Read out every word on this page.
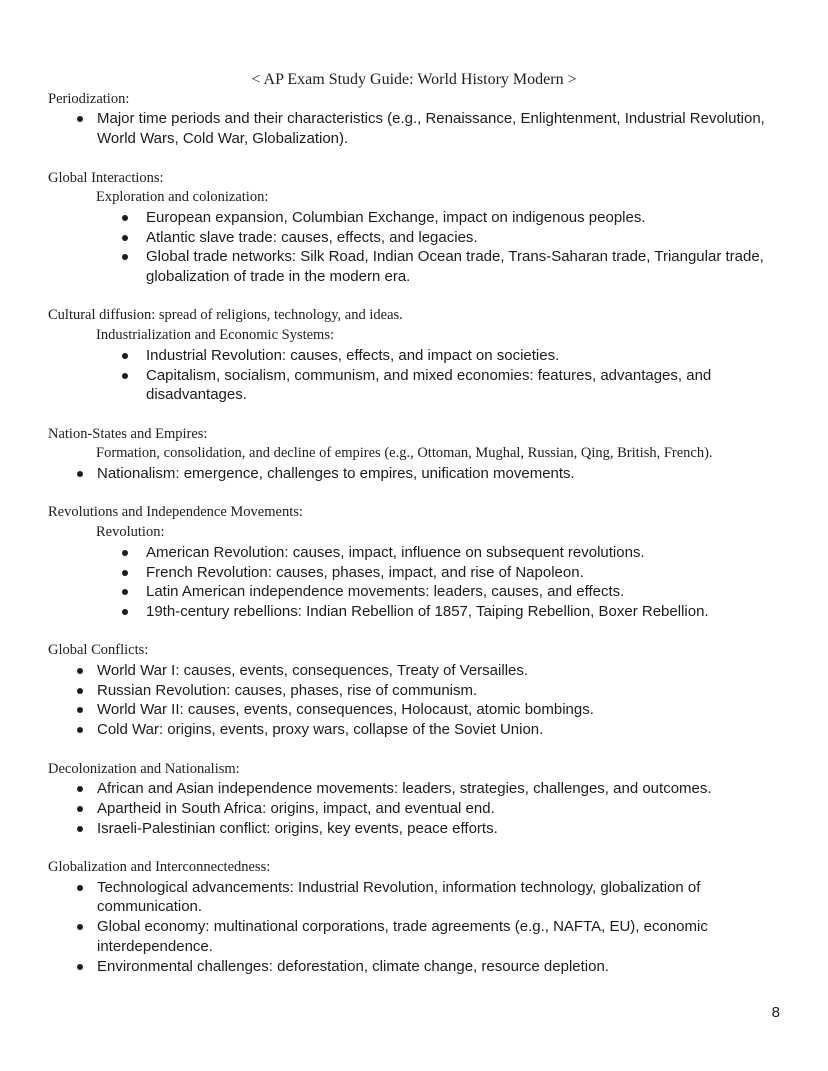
< AP Exam Study Guide: World History Modern >
Periodization:
Major time periods and their characteristics (e.g., Renaissance, Enlightenment, Industrial Revolution, World Wars, Cold War, Globalization).
Global Interactions:
Exploration and colonization:
European expansion, Columbian Exchange, impact on indigenous peoples.
Atlantic slave trade: causes, effects, and legacies.
Global trade networks: Silk Road, Indian Ocean trade, Trans-Saharan trade, Triangular trade, globalization of trade in the modern era.
Cultural diffusion: spread of religions, technology, and ideas.
Industrialization and Economic Systems:
Industrial Revolution: causes, effects, and impact on societies.
Capitalism, socialism, communism, and mixed economies: features, advantages, and disadvantages.
Nation-States and Empires:
Formation, consolidation, and decline of empires (e.g., Ottoman, Mughal, Russian, Qing, British, French).
Nationalism: emergence, challenges to empires, unification movements.
Revolutions and Independence Movements:
Revolution:
American Revolution: causes, impact, influence on subsequent revolutions.
French Revolution: causes, phases, impact, and rise of Napoleon.
Latin American independence movements: leaders, causes, and effects.
19th-century rebellions: Indian Rebellion of 1857, Taiping Rebellion, Boxer Rebellion.
Global Conflicts:
World War I: causes, events, consequences, Treaty of Versailles.
Russian Revolution: causes, phases, rise of communism.
World War II: causes, events, consequences, Holocaust, atomic bombings.
Cold War: origins, events, proxy wars, collapse of the Soviet Union.
Decolonization and Nationalism:
African and Asian independence movements: leaders, strategies, challenges, and outcomes.
Apartheid in South Africa: origins, impact, and eventual end.
Israeli-Palestinian conflict: origins, key events, peace efforts.
Globalization and Interconnectedness:
Technological advancements: Industrial Revolution, information technology, globalization of communication.
Global economy: multinational corporations, trade agreements (e.g., NAFTA, EU), economic interdependence.
Environmental challenges: deforestation, climate change, resource depletion.
8
